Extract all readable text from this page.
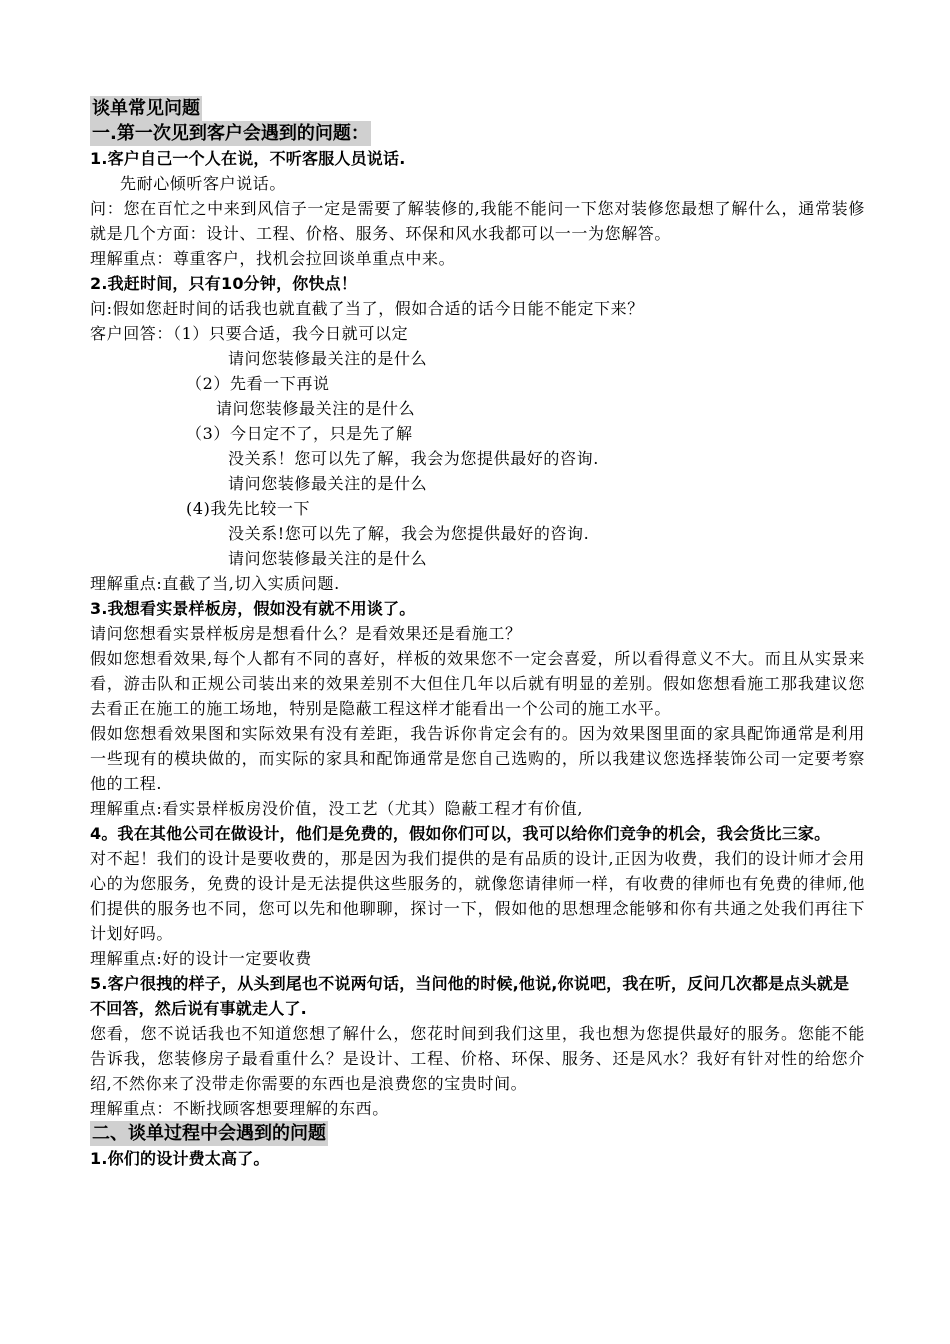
谈单常见问题
一.第一次见到客户会遇到的问题：

1.客户自己一个人在说，不听客服人员说话.

先耐心倾听客户说话。

问：您在百忙之中来到风信子一定是需要了解装修的,我能不能问一下您对装修您最想了解什么，通常装修就是几个方面：设计、工程、价格、服务、环保和风水我都可以一一为您解答。

理解重点：尊重客户，找机会拉回谈单重点中来。

2.我赶时间，只有10分钟，你快点！

问:假如您赶时间的话我也就直截了当了，假如合适的话今日能不能定下来？

客户回答：（1）只要合适，我今日就可以定

请问您装修最关注的是什么

（2）先看一下再说

请问您装修最关注的是什么

（3）今日定不了，只是先了解

没关系！您可以先了解，我会为您提供最好的咨询.

请问您装修最关注的是什么

(4)我先比较一下

没关系!您可以先了解，我会为您提供最好的咨询.

请问您装修最关注的是什么

理解重点:直截了当,切入实质问题.

3.我想看实景样板房，假如没有就不用谈了。

请问您想看实景样板房是想看什么？是看效果还是看施工？

假如您想看效果,每个人都有不同的喜好，样板的效果您不一定会喜爱，所以看得意义不大。而且从实景来看，游击队和正规公司装出来的效果差别不大但住几年以后就有明显的差别。假如您想看施工那我建议您去看正在施工的施工场地，特别是隐蔽工程这样才能看出一个公司的施工水平。

假如您想看效果图和实际效果有没有差距，我告诉你肯定会有的。因为效果图里面的家具配饰通常是利用一些现有的模块做的，而实际的家具和配饰通常是您自己选购的，所以我建议您选择装饰公司一定要考察他的工程.

理解重点:看实景样板房没价值，没工艺（尤其）隐蔽工程才有价值,

4。我在其他公司在做设计，他们是免费的，假如你们可以，我可以给你们竞争的机会，我会货比三家。

对不起！我们的设计是要收费的，那是因为我们提供的是有品质的设计,正因为收费，我们的设计师才会用心的为您服务，免费的设计是无法提供这些服务的，就像您请律师一样，有收费的律师也有免费的律师,他们提供的服务也不同，您可以先和他聊聊，探讨一下，假如他的思想理念能够和你有共通之处我们再往下计划好吗。

理解重点:好的设计一定要收费

5.客户很拽的样子，从头到尾也不说两句话，当问他的时候,他说,你说吧，我在听，反问几次都是点头就是不回答，然后说有事就走人了.

您看，您不说话我也不知道您想了解什么，您花时间到我们这里，我也想为您提供最好的服务。您能不能告诉我，您装修房子最看重什么？是设计、工程、价格、环保、服务、还是风水？我好有针对性的给您介绍,不然你来了没带走你需要的东西也是浪费您的宝贵时间。

理解重点：不断找顾客想要理解的东西。

二、谈单过程中会遇到的问题

1.你们的设计费太高了。
